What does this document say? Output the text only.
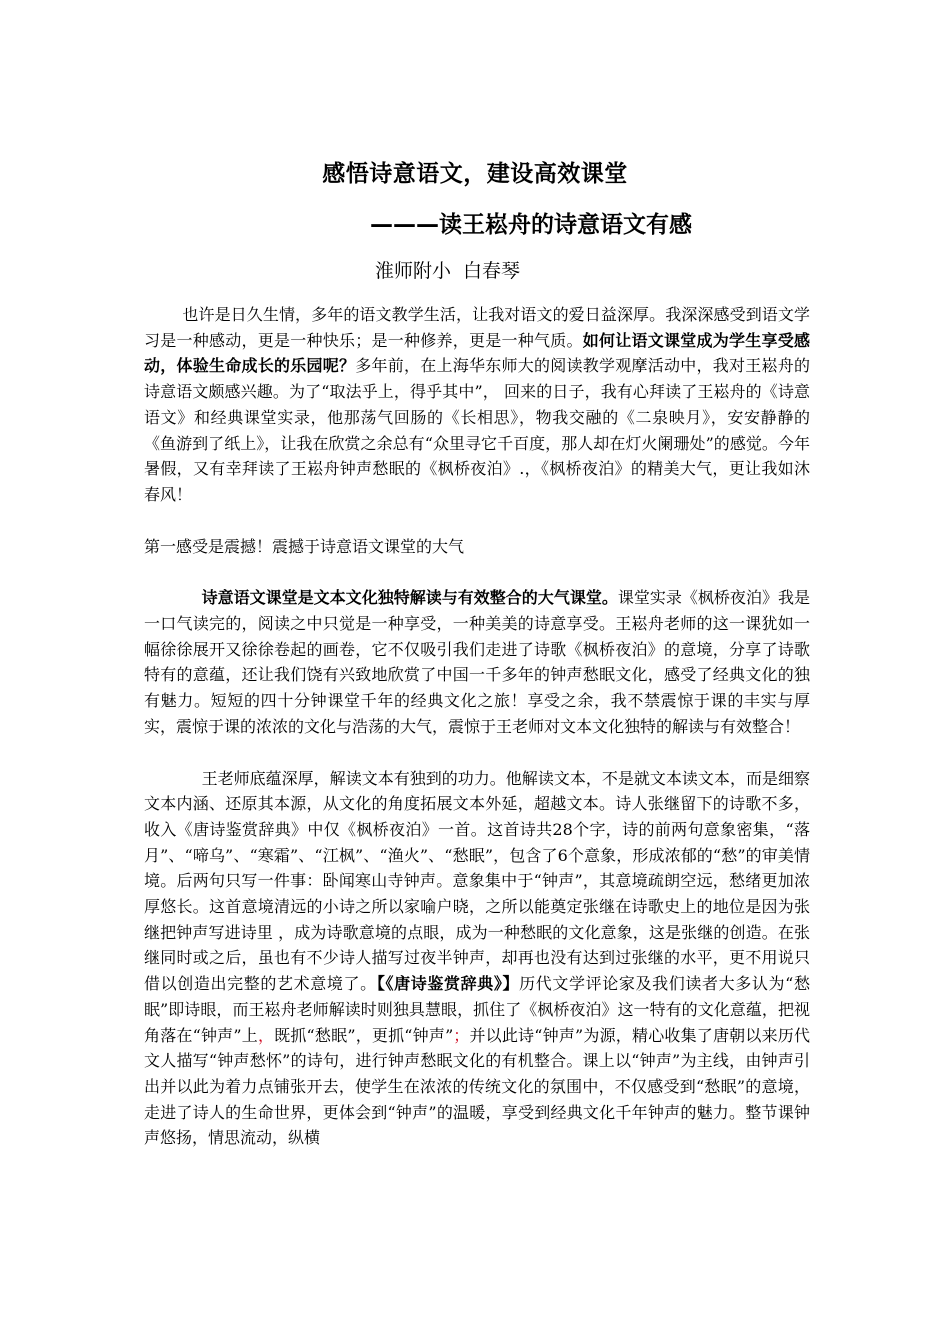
感悟诗意语文，建设高效课堂
———读王崧舟的诗意语文有感
淮师附小 白春琴

也许是日久生情，多年的语文教学生活，让我对语文的爱日益深厚。我深深感受到语文学习是一种感动，更是一种快乐；是一种修养，更是一种气质。如何让语文课堂成为学生享受感动，体验生命成长的乐园呢？多年前，在上海华东师大的阅读教学观摩活动中，我对王崧舟的诗意语文颇感兴趣。为了“取法乎上，得乎其中”， 回来的日子，我有心拜读了王崧舟的《诗意语文》和经典课堂实录，他那荡气回肠的《长相思》，物我交融的《二泉映月》，安安静静的《鱼游到了纸上》，让我在欣赏之余总有“众里寻它千百度，那人却在灯火阑珊处”的感觉。今年暑假，又有幸拜读了王崧舟钟声愁眠的《枫桥夜泊》.，《枫桥夜泊》的精美大气，更让我如沐春风！

第一感受是震撼！震撼于诗意语文课堂的大气

诗意语文课堂是文本文化独特解读与有效整合的大气课堂。课堂实录《枫桥夜泊》我是一口气读完的，阅读之中只觉是一种享受，一种美美的诗意享受。王崧舟老师的这一课犹如一幅徐徐展开又徐徐卷起的画卷，它不仅吸引我们走进了诗歌《枫桥夜泊》的意境，分享了诗歌特有的意蕴，还让我们饶有兴致地欣赏了中国一千多年的钟声愁眠文化，感受了经典文化的独有魅力。短短的四十分钟课堂千年的经典文化之旅！享受之余，我不禁震惊于课的丰实与厚实，震惊于课的浓浓的文化与浩荡的大气，震惊于王老师对文本文化独特的解读与有效整合！

王老师底蕴深厚，解读文本有独到的功力。他解读文本，不是就文本读文本，而是细察文本内涵、还原其本源，从文化的角度拓展文本外延，超越文本。诗人张继留下的诗歌不多，收入《唐诗鉴赏辞典》中仅《枫桥夜泊》一首。这首诗共28个字，诗的前两句意象密集，“落月”、“啼乌”、“寒霜”、“江枫”、“渔火”、“愁眠”，包含了6个意象，形成浓郁的“愁”的审美情境。后两句只写一件事：卧闻寒山寺钟声。意象集中于“钟声”，其意境疏朗空远，愁绪更加浓厚悠长。这首意境清远的小诗之所以家喻户晓，之所以能奠定张继在诗歌史上的地位是因为张继把钟声写进诗里 ，成为诗歌意境的点眼，成为一种愁眠的文化意象，这是张继的创造。在张继同时或之后，虽也有不少诗人描写过夜半钟声，却再也没有达到过张继的水平，更不用说只借以创造出完整的艺术意境了。【《唐诗鉴赏辞典》】历代文学评论家及我们读者大多认为“愁眠”即诗眼，而王崧舟老师解读时则独具慧眼，抓住了《枫桥夜泊》这一特有的文化意蕴，把视角落在“钟声”上，既抓“愁眠”，更抓“钟声”；并以此诗“钟声”为源，精心收集了唐朝以来历代文人描写“钟声愁怀”的诗句，进行钟声愁眠文化的有机整合。课上以“钟声”为主线，由钟声引出并以此为着力点铺张开去，使学生在浓浓的传统文化的氛围中，不仅感受到“愁眠”的意境，走进了诗人的生命世界，更体会到“钟声”的温暖，享受到经典文化千年钟声的魅力。整节课钟声悠扬，情思流动，纵横
